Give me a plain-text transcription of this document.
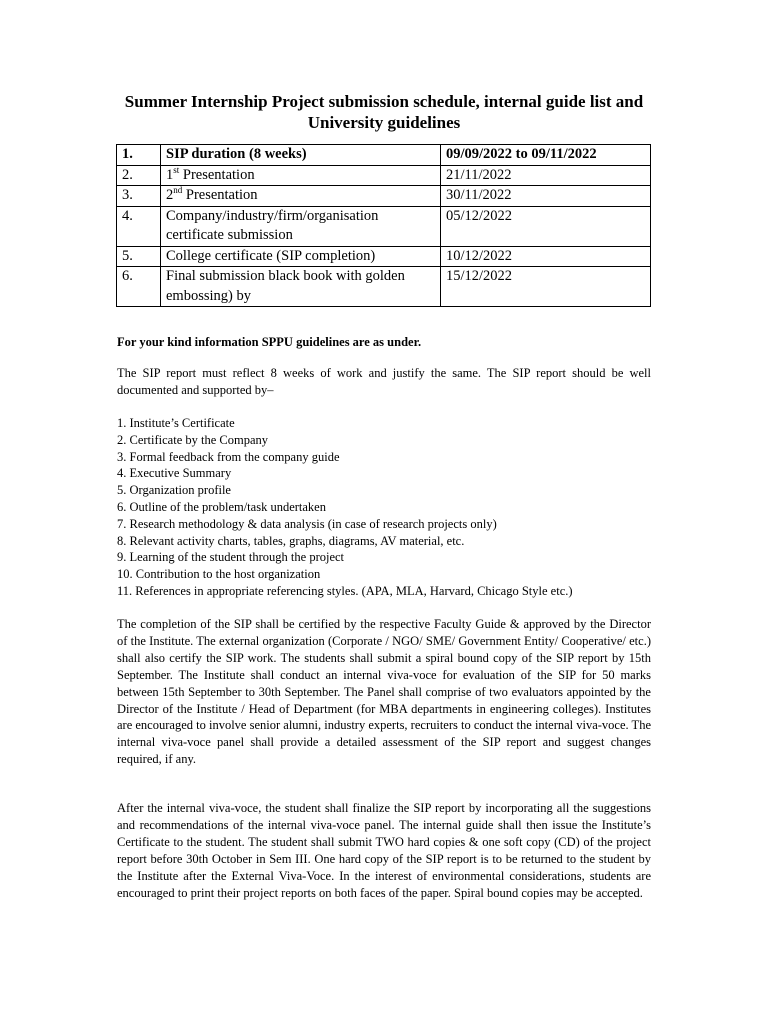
Summer Internship Project submission schedule, internal guide list and University guidelines
1.	SIP duration (8 weeks)	09/09/2022 to 09/11/2022
2.	1st Presentation	21/11/2022
3.	2nd Presentation	30/11/2022
4.	Company/industry/firm/organisation certificate submission	05/12/2022
5.	College certificate (SIP completion)	10/12/2022
6.	Final submission black book with golden embossing) by	15/12/2022
For your kind information SPPU guidelines are as under.
The SIP report must reflect 8 weeks of work and justify the same. The SIP report should be well documented and supported by–
1. Institute’s Certificate
2. Certificate by the Company
3. Formal feedback from the company guide
4. Executive Summary
5. Organization profile
6. Outline of the problem/task undertaken
7. Research methodology & data analysis (in case of research projects only)
8. Relevant activity charts, tables, graphs, diagrams, AV material, etc.
9. Learning of the student through the project
10. Contribution to the host organization
11. References in appropriate referencing styles. (APA, MLA, Harvard, Chicago Style etc.)
The completion of the SIP shall be certified by the respective Faculty Guide & approved by the Director of the Institute. The external organization (Corporate / NGO/ SME/ Government Entity/ Cooperative/ etc.) shall also certify the SIP work. The students shall submit a spiral bound copy of the SIP report by 15th September. The Institute shall conduct an internal viva-voce for evaluation of the SIP for 50 marks between 15th September to 30th September. The Panel shall comprise of two evaluators appointed by the Director of the Institute / Head of Department (for MBA departments in engineering colleges). Institutes are encouraged to involve senior alumni, industry experts, recruiters to conduct the internal viva-voce. The internal viva-voce panel shall provide a detailed assessment of the SIP report and suggest changes required, if any.
After the internal viva-voce, the student shall finalize the SIP report by incorporating all the suggestions and recommendations of the internal viva-voce panel. The internal guide shall then issue the Institute’s Certificate to the student. The student shall submit TWO hard copies & one soft copy (CD) of the project report before 30th October in Sem III. One hard copy of the SIP report is to be returned to the student by the Institute after the External Viva-Voce. In the interest of environmental considerations, students are encouraged to print their project reports on both faces of the paper. Spiral bound copies may be accepted.
